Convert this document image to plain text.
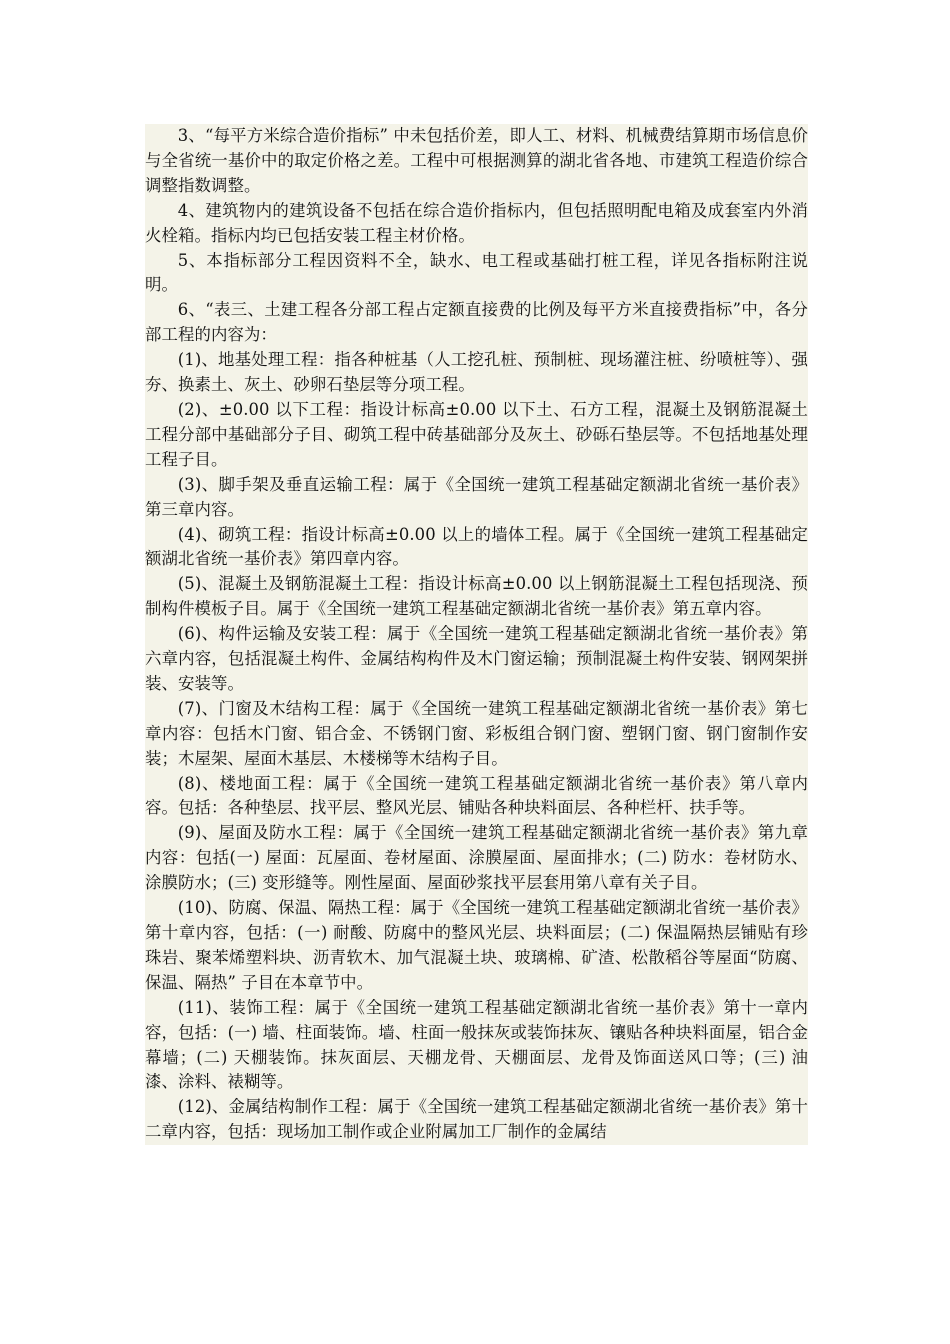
3、“每平方米综合造价指标” 中未包括价差，即人工、材料、机械费结算期市场信息价与全省统一基价中的取定价格之差。工程中可根据测算的湖北省各地、市建筑工程造价综合调整指数调整。

4、建筑物内的建筑设备不包括在综合造价指标内，但包括照明配电箱及成套室内外消火栓箱。指标内均已包括安装工程主材价格。

5、本指标部分工程因资料不全，缺水、电工程或基础打桩工程，详见各指标附注说明。

6、“表三、土建工程各分部工程占定额直接费的比例及每平方米直接费指标”中，各分部工程的内容为：

(1)、地基处理工程：指各种桩基（人工挖孔桩、预制桩、现场灌注桩、纷喷桩等）、强夯、换素土、灰土、砂卵石垫层等分项工程。

(2)、±0.00 以下工程：指设计标高±0.00 以下土、石方工程，混凝土及钢筋混凝土工程分部中基础部分子目、砌筑工程中砖基础部分及灰土、砂砾石垫层等。不包括地基处理工程子目。

(3)、脚手架及垂直运输工程：属于《全国统一建筑工程基础定额湖北省统一基价表》第三章内容。

(4)、砌筑工程：指设计标高±0.00 以上的墙体工程。属于《全国统一建筑工程基础定额湖北省统一基价表》第四章内容。

(5)、混凝土及钢筋混凝土工程：指设计标高±0.00 以上钢筋混凝土工程包括现浇、预制构件模板子目。属于《全国统一建筑工程基础定额湖北省统一基价表》第五章内容。

(6)、构件运输及安装工程：属于《全国统一建筑工程基础定额湖北省统一基价表》第六章内容，包括混凝土构件、金属结构构件及木门窗运输；预制混凝土构件安装、钢网架拼装、安装等。

(7)、门窗及木结构工程：属于《全国统一建筑工程基础定额湖北省统一基价表》第七章内容：包括木门窗、铝合金、不锈钢门窗、彩板组合钢门窗、塑钢门窗、钢门窗制作安装；木屋架、屋面木基层、木楼梯等木结构子目。

(8)、楼地面工程：属于《全国统一建筑工程基础定额湖北省统一基价表》第八章内容。包括：各种垫层、找平层、整风光层、铺贴各种块料面层、各种栏杆、扶手等。

(9)、屋面及防水工程：属于《全国统一建筑工程基础定额湖北省统一基价表》第九章内容：包括(一) 屋面：瓦屋面、卷材屋面、涂膜屋面、屋面排水；(二) 防水：卷材防水、涂膜防水；(三) 变形缝等。刚性屋面、屋面砂浆找平层套用第八章有关子目。

(10)、防腐、保温、隔热工程：属于《全国统一建筑工程基础定额湖北省统一基价表》第十章内容，包括：(一) 耐酸、防腐中的整风光层、块料面层；(二) 保温隔热层铺贴有珍珠岩、聚苯烯塑料块、沥青软木、加气混凝土块、玻璃棉、矿渣、松散稻谷等屋面“防腐、保温、隔热” 子目在本章节中。

(11)、装饰工程：属于《全国统一建筑工程基础定额湖北省统一基价表》第十一章内容，包括：(一) 墙、柱面装饰。墙、柱面一般抹灰或装饰抹灰、镶贴各种块料面屋，铝合金幕墙；(二) 天棚装饰。抹灰面层、天棚龙骨、天棚面层、龙骨及饰面送风口等；(三) 油漆、涂料、裱糊等。

(12)、金属结构制作工程：属于《全国统一建筑工程基础定额湖北省统一基价表》第十二章内容，包括：现场加工制作或企业附属加工厂制作的金属结
